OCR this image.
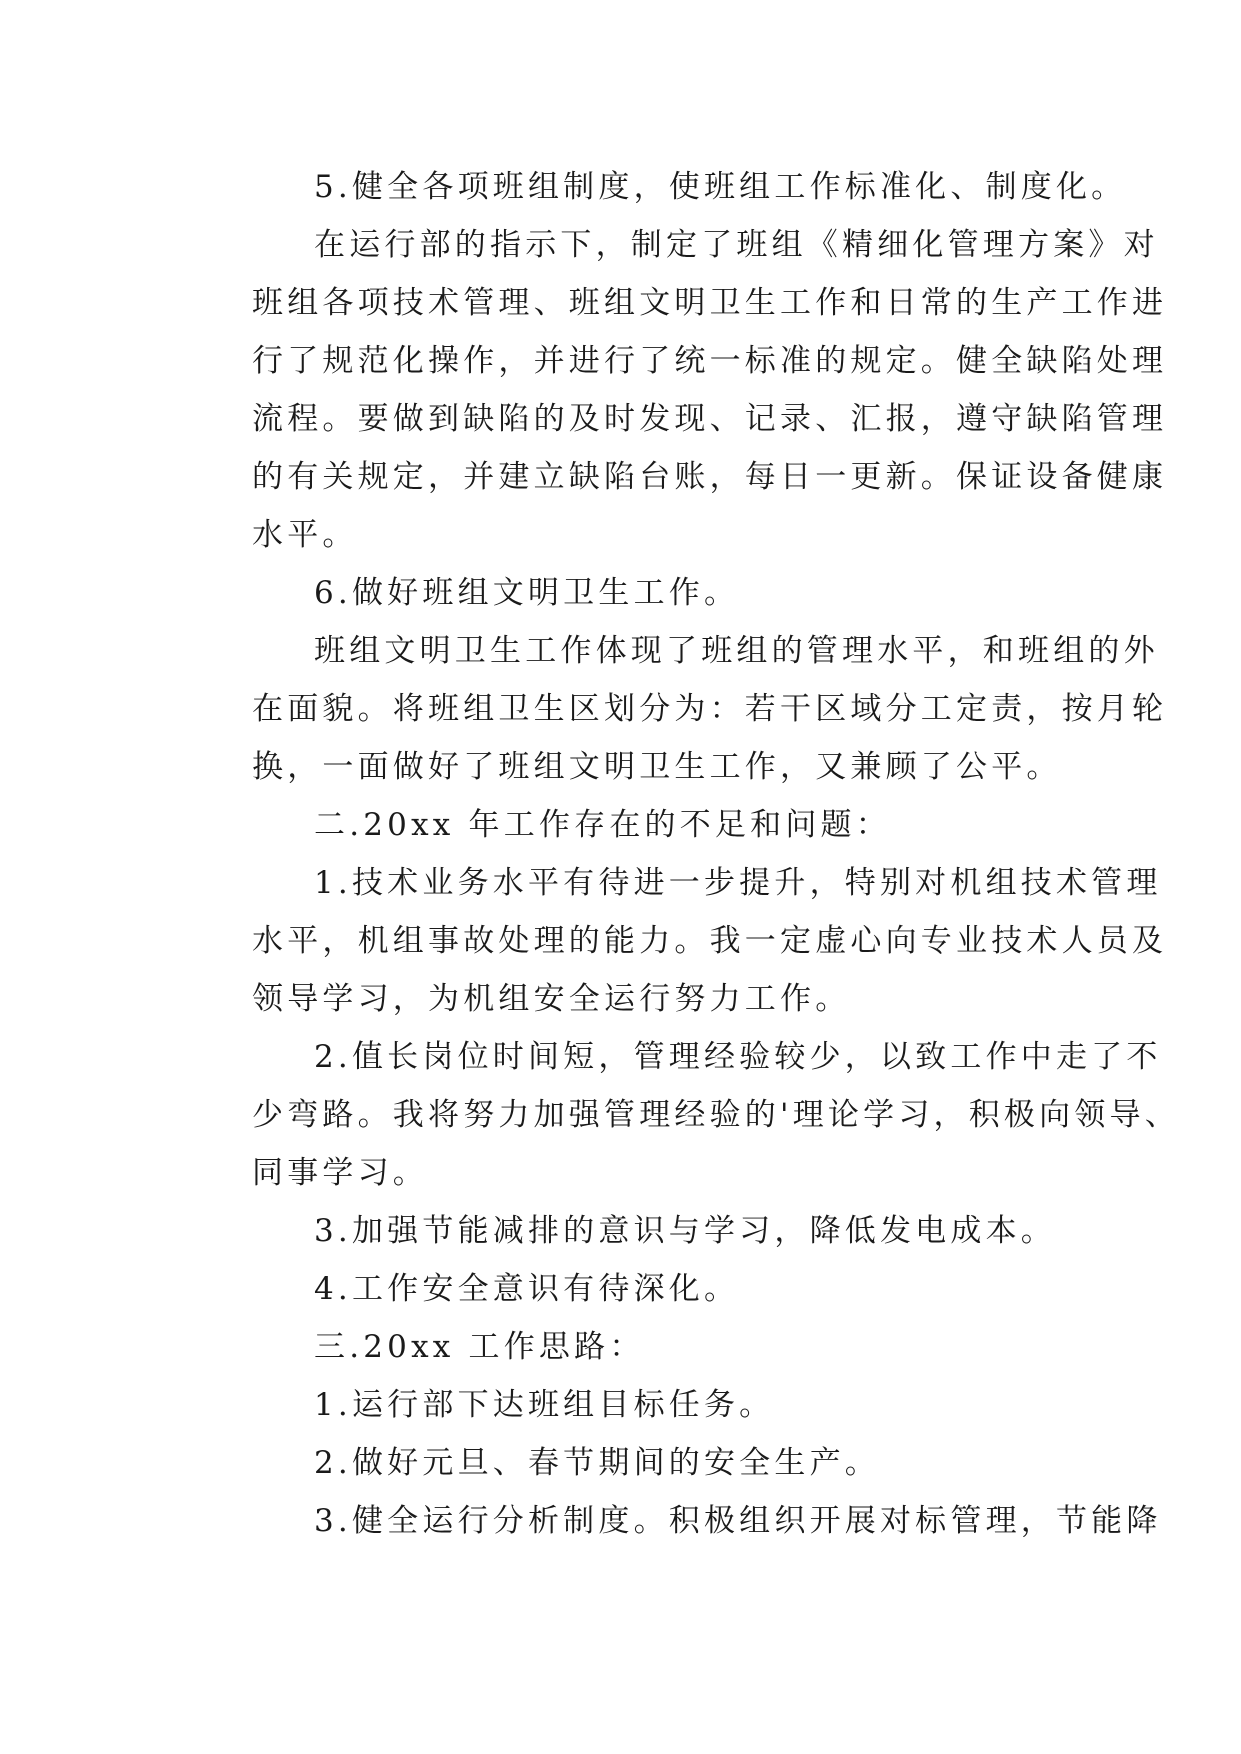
5.健全各项班组制度，使班组工作标准化、制度化。
在运行部的指示下，制定了班组《精细化管理方案》对
班组各项技术管理、班组文明卫生工作和日常的生产工作进
行了规范化操作，并进行了统一标准的规定。健全缺陷处理
流程。要做到缺陷的及时发现、记录、汇报，遵守缺陷管理
的有关规定，并建立缺陷台账，每日一更新。保证设备健康
水平。
6.做好班组文明卫生工作。
班组文明卫生工作体现了班组的管理水平，和班组的外
在面貌。将班组卫生区划分为：若干区域分工定责，按月轮
换，一面做好了班组文明卫生工作，又兼顾了公平。
二.20xx 年工作存在的不足和问题：
1.技术业务水平有待进一步提升，特别对机组技术管理
水平，机组事故处理的能力。我一定虚心向专业技术人员及
领导学习，为机组安全运行努力工作。
2.值长岗位时间短，管理经验较少，以致工作中走了不
少弯路。我将努力加强管理经验的'理论学习，积极向领导、
同事学习。
3.加强节能减排的意识与学习，降低发电成本。
4.工作安全意识有待深化。
三.20xx 工作思路：
1.运行部下达班组目标任务。
2.做好元旦、春节期间的安全生产。
3.健全运行分析制度。积极组织开展对标管理，节能降
